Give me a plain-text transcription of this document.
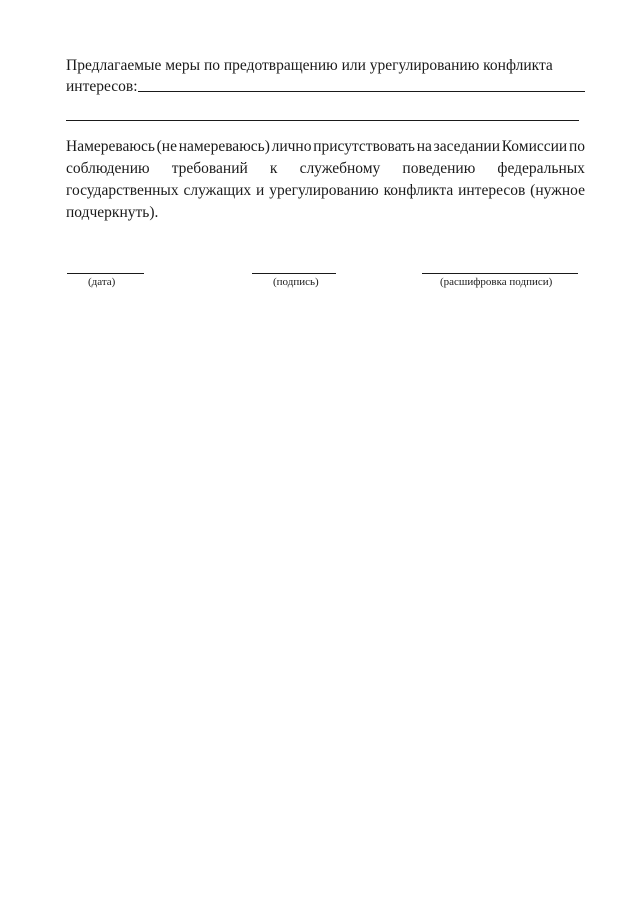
Предлагаемые меры по предотвращению или урегулированию конфликта
интересов:
Намереваюсь (не намереваюсь) лично присутствовать на заседании Комиссии по
соблюдению требований к служебному поведению федеральных
государственных служащих и урегулированию конфликта интересов (нужное
подчеркнуть).
(дата)	(подпись)	(расшифровка подписи)
